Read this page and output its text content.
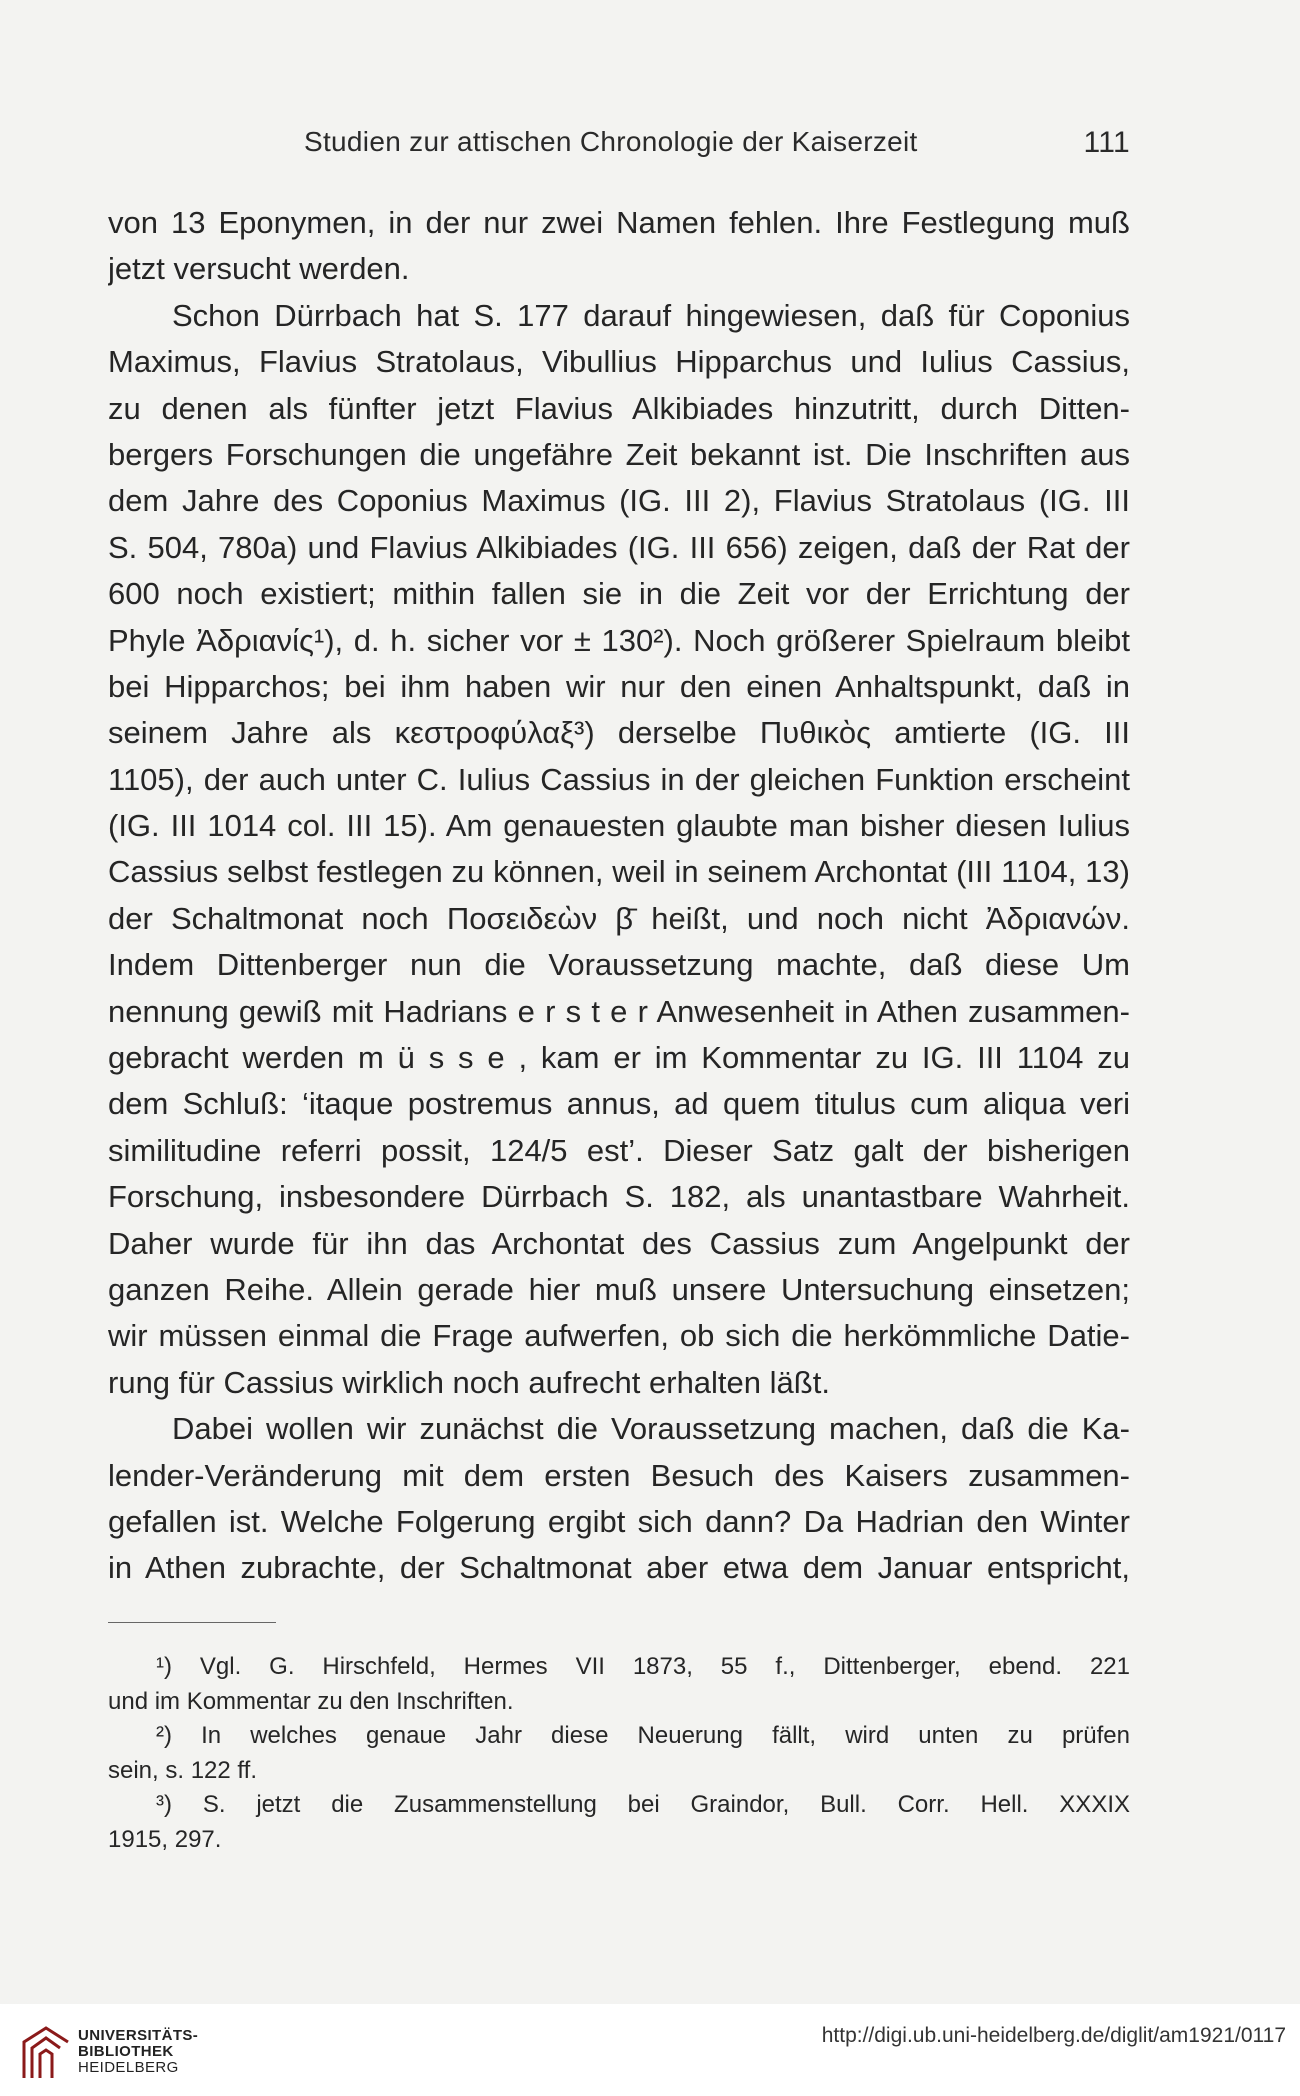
Studien zur attischen Chronologie der Kaiserzeit	111
von 13 Eponymen, in der nur zwei Namen fehlen. Ihre Festlegung muß
jetzt versucht werden.
Schon Dürrbach hat S. 177 darauf hingewiesen, daß für Coponius
Maximus, Flavius Stratolaus, Vibullius Hipparchus und Iulius Cassius,
zu denen als fünfter jetzt Flavius Alkibiades hinzutritt, durch Ditten-
bergers Forschungen die ungefähre Zeit bekannt ist. Die Inschriften aus
dem Jahre des Coponius Maximus (IG. III 2), Flavius Stratolaus (IG. III
S. 504, 780a) und Flavius Alkibiades (IG. III 656) zeigen, daß der Rat der
600 noch existiert; mithin fallen sie in die Zeit vor der Errichtung der
Phyle Ἀδριανίς¹), d. h. sicher vor ± 130²). Noch größerer Spielraum bleibt
bei Hipparchos; bei ihm haben wir nur den einen Anhaltspunkt, daß in
seinem Jahre als κεστροφύλαξ³) derselbe Πυθικὸς amtierte (IG. III
1105), der auch unter C. Iulius Cassius in der gleichen Funktion erscheint
(IG. III 1014 col. III 15). Am genauesten glaubte man bisher diesen Iulius
Cassius selbst festlegen zu können, weil in seinem Archontat (III 1104, 13)
der Schaltmonat noch Ποσειδεὼν β̄ heißt, und noch nicht Ἀδριανών.
Indem Dittenberger nun die Voraussetzung machte, daß diese Um
nennung gewiß mit Hadrians e r s t e r Anwesenheit in Athen zusammen-
gebracht werden m ü s s e , kam er im Kommentar zu IG. III 1104 zu
dem Schluß: ‘itaque postremus annus, ad quem titulus cum aliqua veri
similitudine referri possit, 124/5 est’. Dieser Satz galt der bisherigen
Forschung, insbesondere Dürrbach S. 182, als unantastbare Wahrheit.
Daher wurde für ihn das Archontat des Cassius zum Angelpunkt der
ganzen Reihe. Allein gerade hier muß unsere Untersuchung einsetzen;
wir müssen einmal die Frage aufwerfen, ob sich die herkömmliche Datie-
rung für Cassius wirklich noch aufrecht erhalten läßt.
Dabei wollen wir zunächst die Voraussetzung machen, daß die Ka-
lender-Veränderung mit dem ersten Besuch des Kaisers zusammen-
gefallen ist. Welche Folgerung ergibt sich dann? Da Hadrian den Winter
in Athen zubrachte, der Schaltmonat aber etwa dem Januar entspricht,
¹) Vgl. G. Hirschfeld, Hermes VII 1873, 55 f., Dittenberger, ebend. 221
und im Kommentar zu den Inschriften.
²) In welches genaue Jahr diese Neuerung fällt, wird unten zu prüfen
sein, s. 122 ff.
³) S. jetzt die Zusammenstellung bei Graindor, Bull. Corr. Hell. XXXIX
1915, 297.
UNIVERSITÄTS-
BIBLIOTHEK
HEIDELBERG
http://digi.ub.uni-heidelberg.de/diglit/am1921/0117
